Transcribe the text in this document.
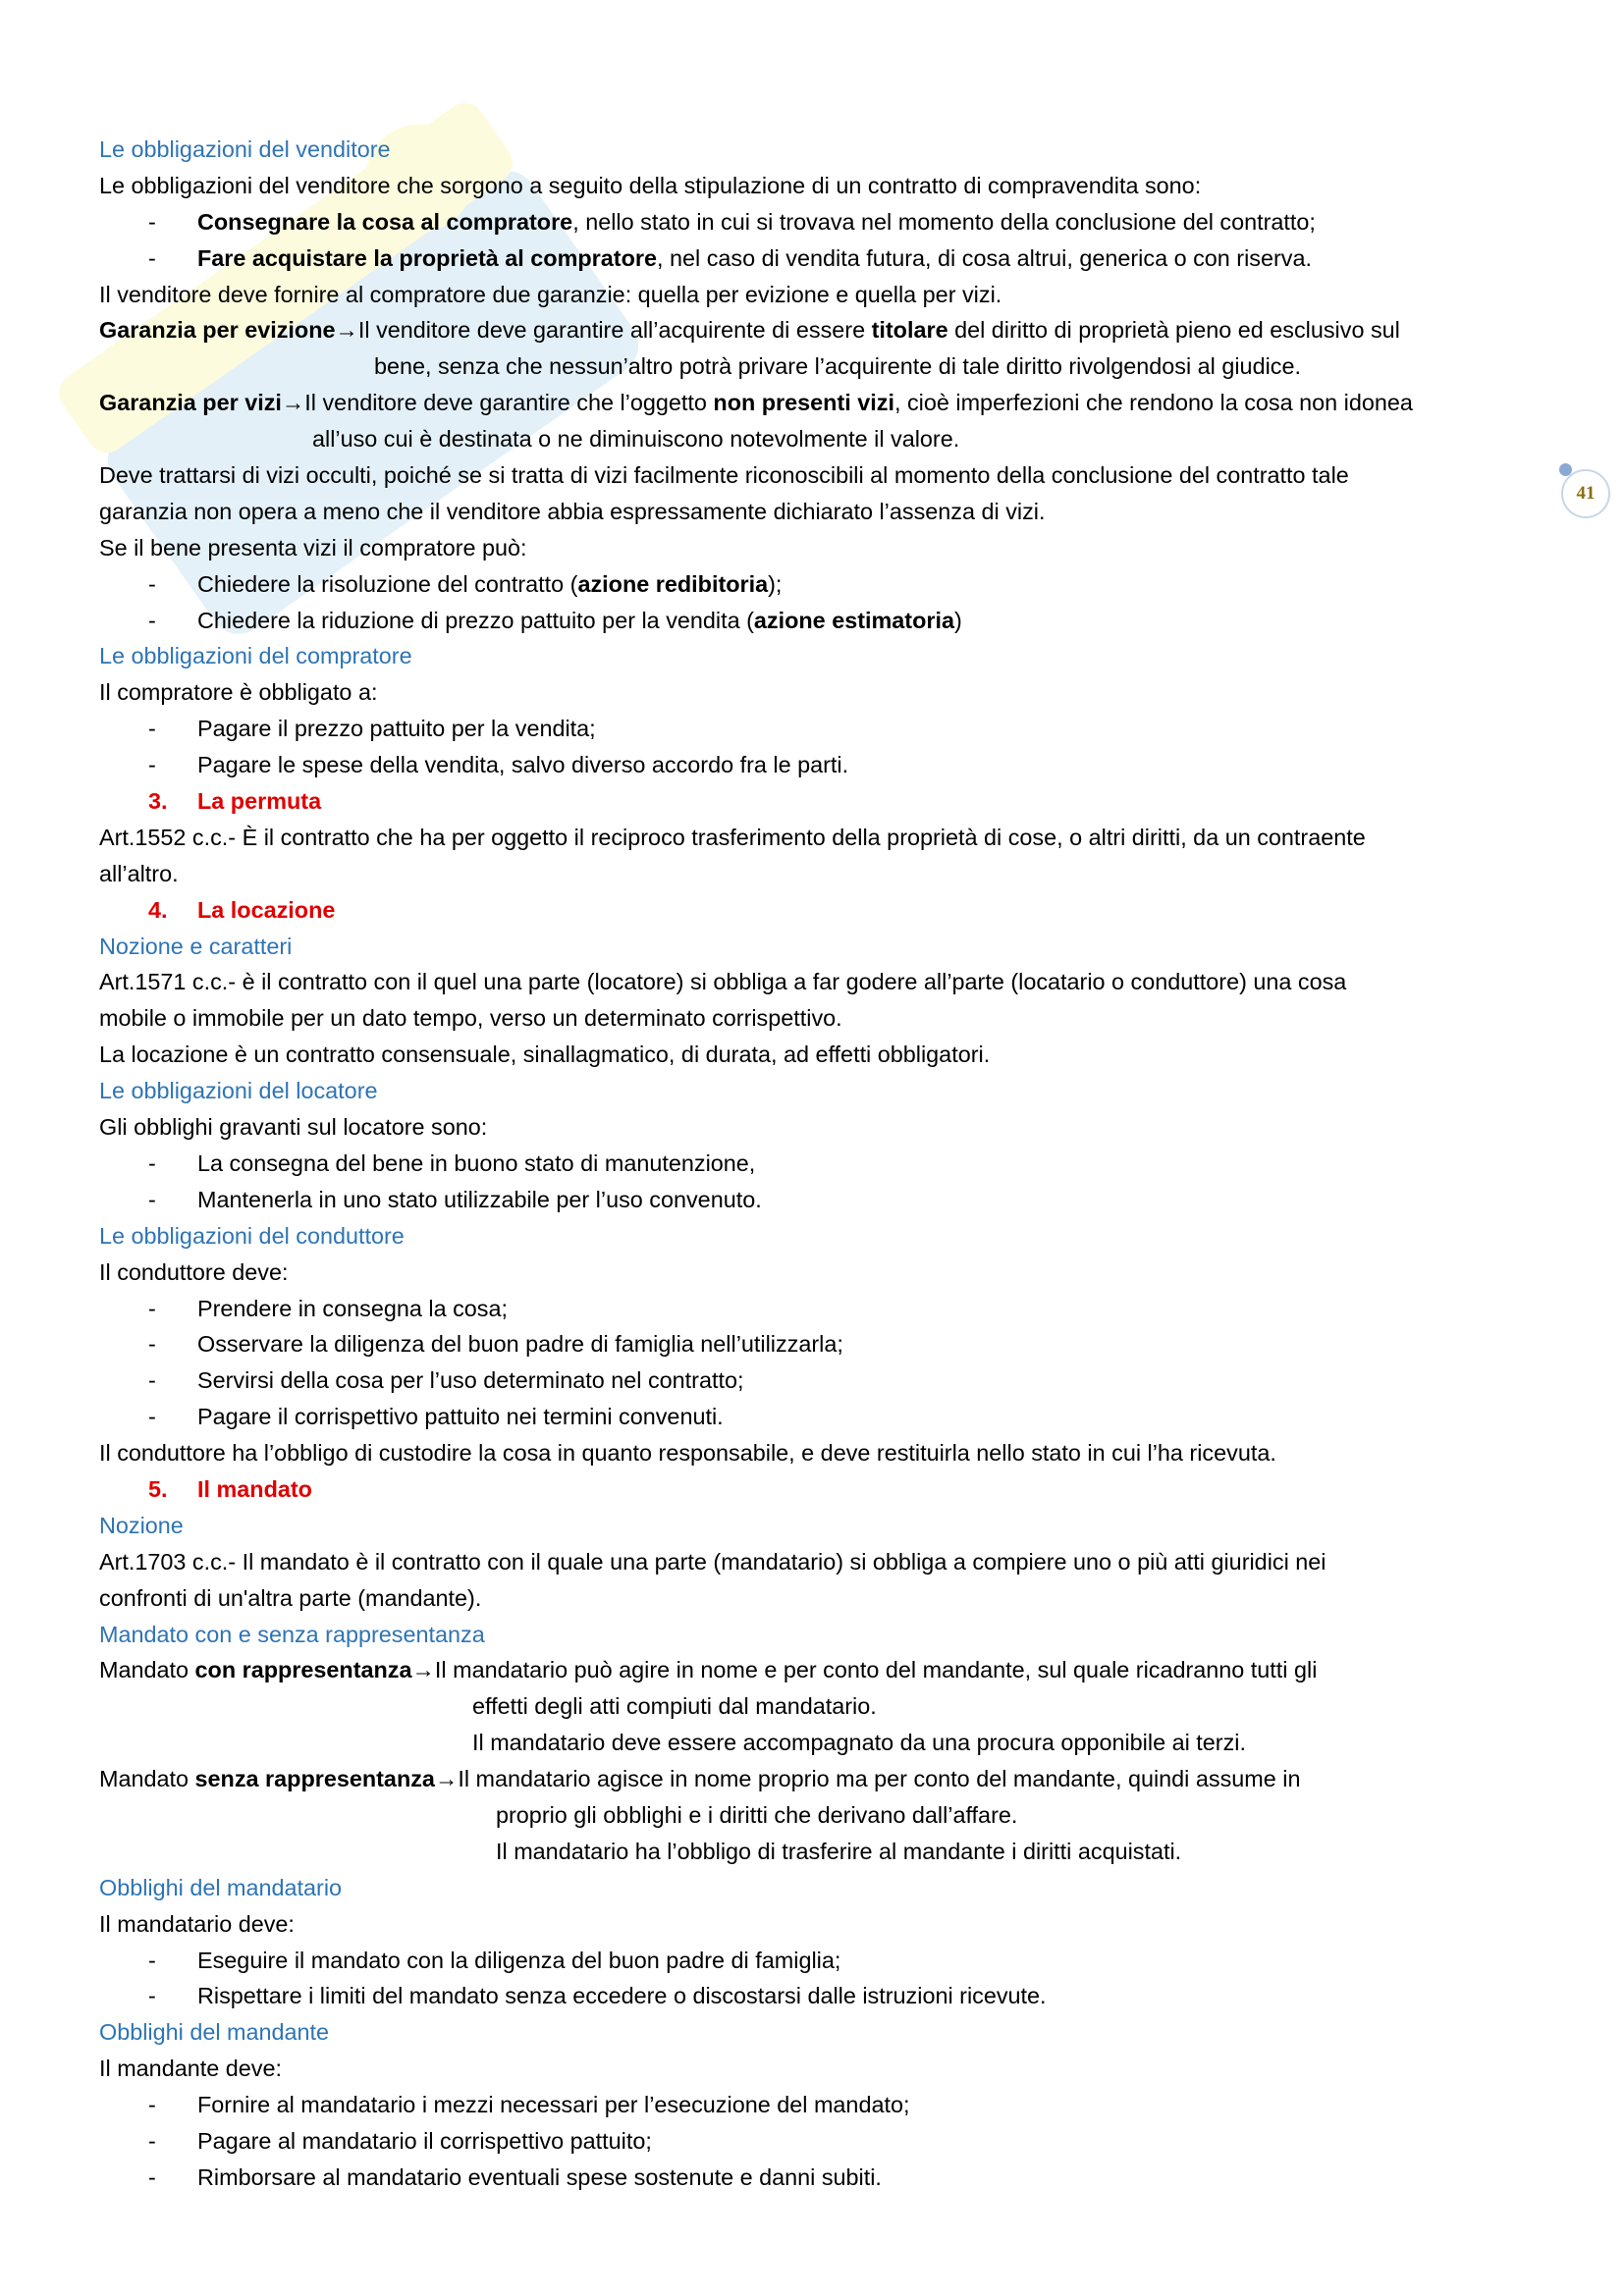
41
Le obbligazioni del venditore
Le obbligazioni del venditore che sorgono a seguito della stipulazione di un contratto di compravendita sono:
- Consegnare la cosa al compratore, nello stato in cui si trovava nel momento della conclusione del contratto;
- Fare acquistare la proprietà al compratore, nel caso di vendita futura, di cosa altrui, generica o con riserva.
Il venditore deve fornire al compratore due garanzie: quella per evizione e quella per vizi.
Garanzia per evizione→Il venditore deve garantire all’acquirente di essere titolare del diritto di proprietà pieno ed esclusivo sul
bene, senza che nessun’altro potrà privare l’acquirente di tale diritto rivolgendosi al giudice.
Garanzia per vizi→Il venditore deve garantire che l’oggetto non presenti vizi, cioè imperfezioni che rendono la cosa non idonea
all’uso cui è destinata o ne diminuiscono notevolmente il valore.
Deve trattarsi di vizi occulti, poiché se si tratta di vizi facilmente riconoscibili al momento della conclusione del contratto tale
garanzia non opera a meno che il venditore abbia espressamente dichiarato l’assenza di vizi.
Se il bene presenta vizi il compratore può:
- Chiedere la risoluzione del contratto (azione redibitoria);
- Chiedere la riduzione di prezzo pattuito per la vendita (azione estimatoria)
Le obbligazioni del compratore
Il compratore è obbligato a:
- Pagare il prezzo pattuito per la vendita;
- Pagare le spese della vendita, salvo diverso accordo fra le parti.
3. La permuta
Art.1552 c.c.- È il contratto che ha per oggetto il reciproco trasferimento della proprietà di cose, o altri diritti, da un contraente
all’altro.
4. La locazione
Nozione e caratteri
Art.1571 c.c.- è il contratto con il quel una parte (locatore) si obbliga a far godere all’parte (locatario o conduttore) una cosa
mobile o immobile per un dato tempo, verso un determinato corrispettivo.
La locazione è un contratto consensuale, sinallagmatico, di durata, ad effetti obbligatori.
Le obbligazioni del locatore
Gli obblighi gravanti sul locatore sono:
- La consegna del bene in buono stato di manutenzione,
- Mantenerla in uno stato utilizzabile per l’uso convenuto.
Le obbligazioni del conduttore
Il conduttore deve:
- Prendere in consegna la cosa;
- Osservare la diligenza del buon padre di famiglia nell’utilizzarla;
- Servirsi della cosa per l’uso determinato nel contratto;
- Pagare il corrispettivo pattuito nei termini convenuti.
Il conduttore ha l’obbligo di custodire la cosa in quanto responsabile, e deve restituirla nello stato in cui l’ha ricevuta.
5. Il mandato
Nozione
Art.1703 c.c.- Il mandato è il contratto con il quale una parte (mandatario) si obbliga a compiere uno o più atti giuridici nei
confronti di un'altra parte (mandante).
Mandato con e senza rappresentanza
Mandato con rappresentanza→Il mandatario può agire in nome e per conto del mandante, sul quale ricadranno tutti gli
effetti degli atti compiuti dal mandatario.
Il mandatario deve essere accompagnato da una procura opponibile ai terzi.
Mandato senza rappresentanza→Il mandatario agisce in nome proprio ma per conto del mandante, quindi assume in
proprio gli obblighi e i diritti che derivano dall’affare.
Il mandatario ha l’obbligo di trasferire al mandante i diritti acquistati.
Obblighi del mandatario
Il mandatario deve:
- Eseguire il mandato con la diligenza del buon padre di famiglia;
- Rispettare i limiti del mandato senza eccedere o discostarsi dalle istruzioni ricevute.
Obblighi del mandante
Il mandante deve:
- Fornire al mandatario i mezzi necessari per l’esecuzione del mandato;
- Pagare al mandatario il corrispettivo pattuito;
- Rimborsare al mandatario eventuali spese sostenute e danni subiti.
